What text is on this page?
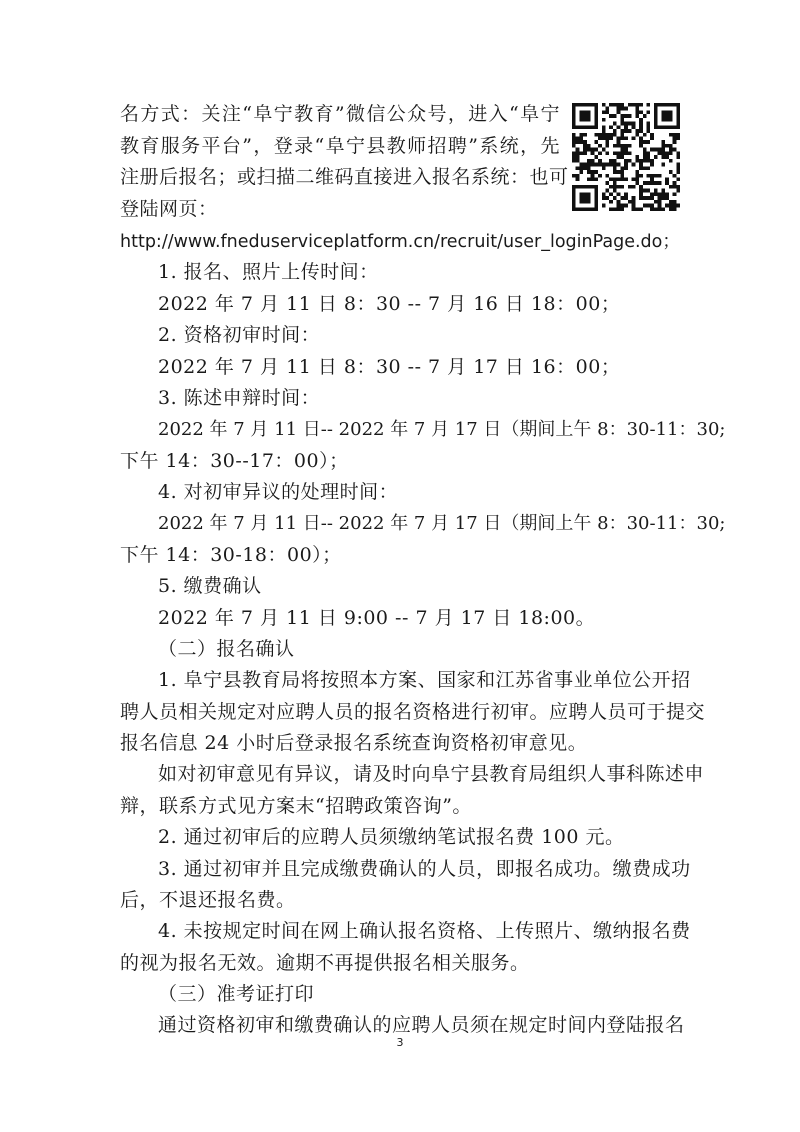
名方式：关注“阜宁教育”微信公众号，进入“阜宁
教育服务平台”，登录“阜宁县教师招聘”系统，先
注册后报名；或扫描二维码直接进入报名系统：也可
登陆网页：
http://www.fneduserviceplatform.cn/recruit/user_loginPage.do；
1. 报名、照片上传时间：
2022 年 7 月 11 日 8：30 -- 7 月 16 日 18：00；
2. 资格初审时间：
2022 年 7 月 11 日 8：30 -- 7 月 17 日 16：00；
3. 陈述申辩时间：
2022 年 7 月 11 日-- 2022 年 7 月 17 日（期间上午 8：30-11：30;
下午 14：30--17：00）；
4. 对初审异议的处理时间：
2022 年 7 月 11 日-- 2022 年 7 月 17 日（期间上午 8：30-11：30;
下午 14：30-18：00）；
5. 缴费确认
2022 年 7 月 11 日 9:00 -- 7 月 17 日 18:00。
（二）报名确认
1. 阜宁县教育局将按照本方案、国家和江苏省事业单位公开招
聘人员相关规定对应聘人员的报名资格进行初审。应聘人员可于提交
报名信息 24 小时后登录报名系统查询资格初审意见。
如对初审意见有异议，请及时向阜宁县教育局组织人事科陈述申
辩，联系方式见方案末“招聘政策咨询”。
2. 通过初审后的应聘人员须缴纳笔试报名费 100 元。
3. 通过初审并且完成缴费确认的人员，即报名成功。缴费成功
后，不退还报名费。
4. 未按规定时间在网上确认报名资格、上传照片、缴纳报名费
的视为报名无效。逾期不再提供报名相关服务。
（三）准考证打印
通过资格初审和缴费确认的应聘人员须在规定时间内登陆报名
3
